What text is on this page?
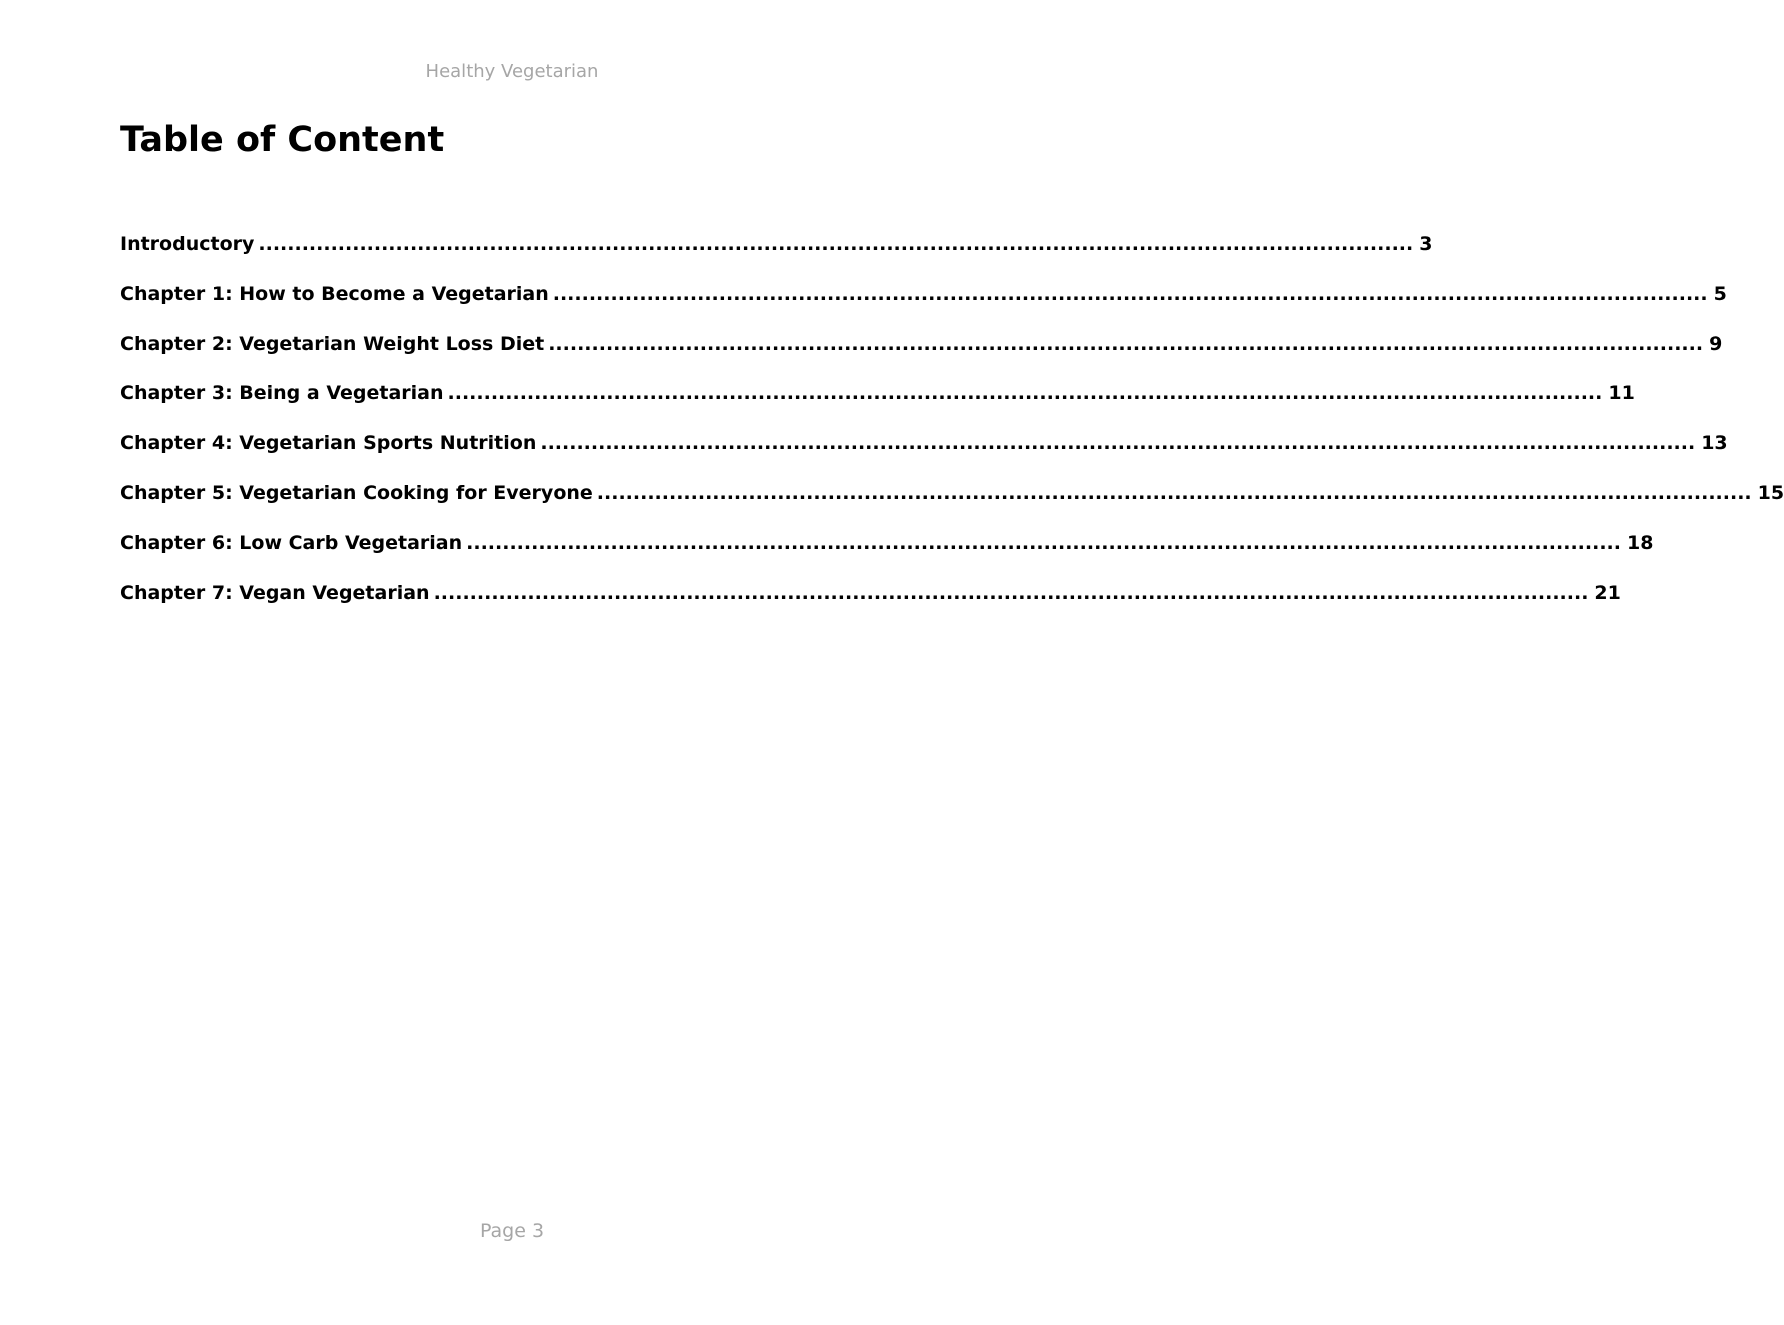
Healthy Vegetarian
Table of Content
Introductory ................................................................................................................................................................ 3
Chapter 1: How to Become a Vegetarian ................................................................................................................................................................ 5
Chapter 2: Vegetarian Weight Loss Diet ................................................................................................................................................................ 9
Chapter 3: Being a Vegetarian ................................................................................................................................................................ 11
Chapter 4: Vegetarian Sports Nutrition ................................................................................................................................................................ 13
Chapter 5: Vegetarian Cooking for Everyone ................................................................................................................................................................ 15
Chapter 6: Low Carb Vegetarian ................................................................................................................................................................ 18
Chapter 7: Vegan Vegetarian ................................................................................................................................................................ 21
Page 3
